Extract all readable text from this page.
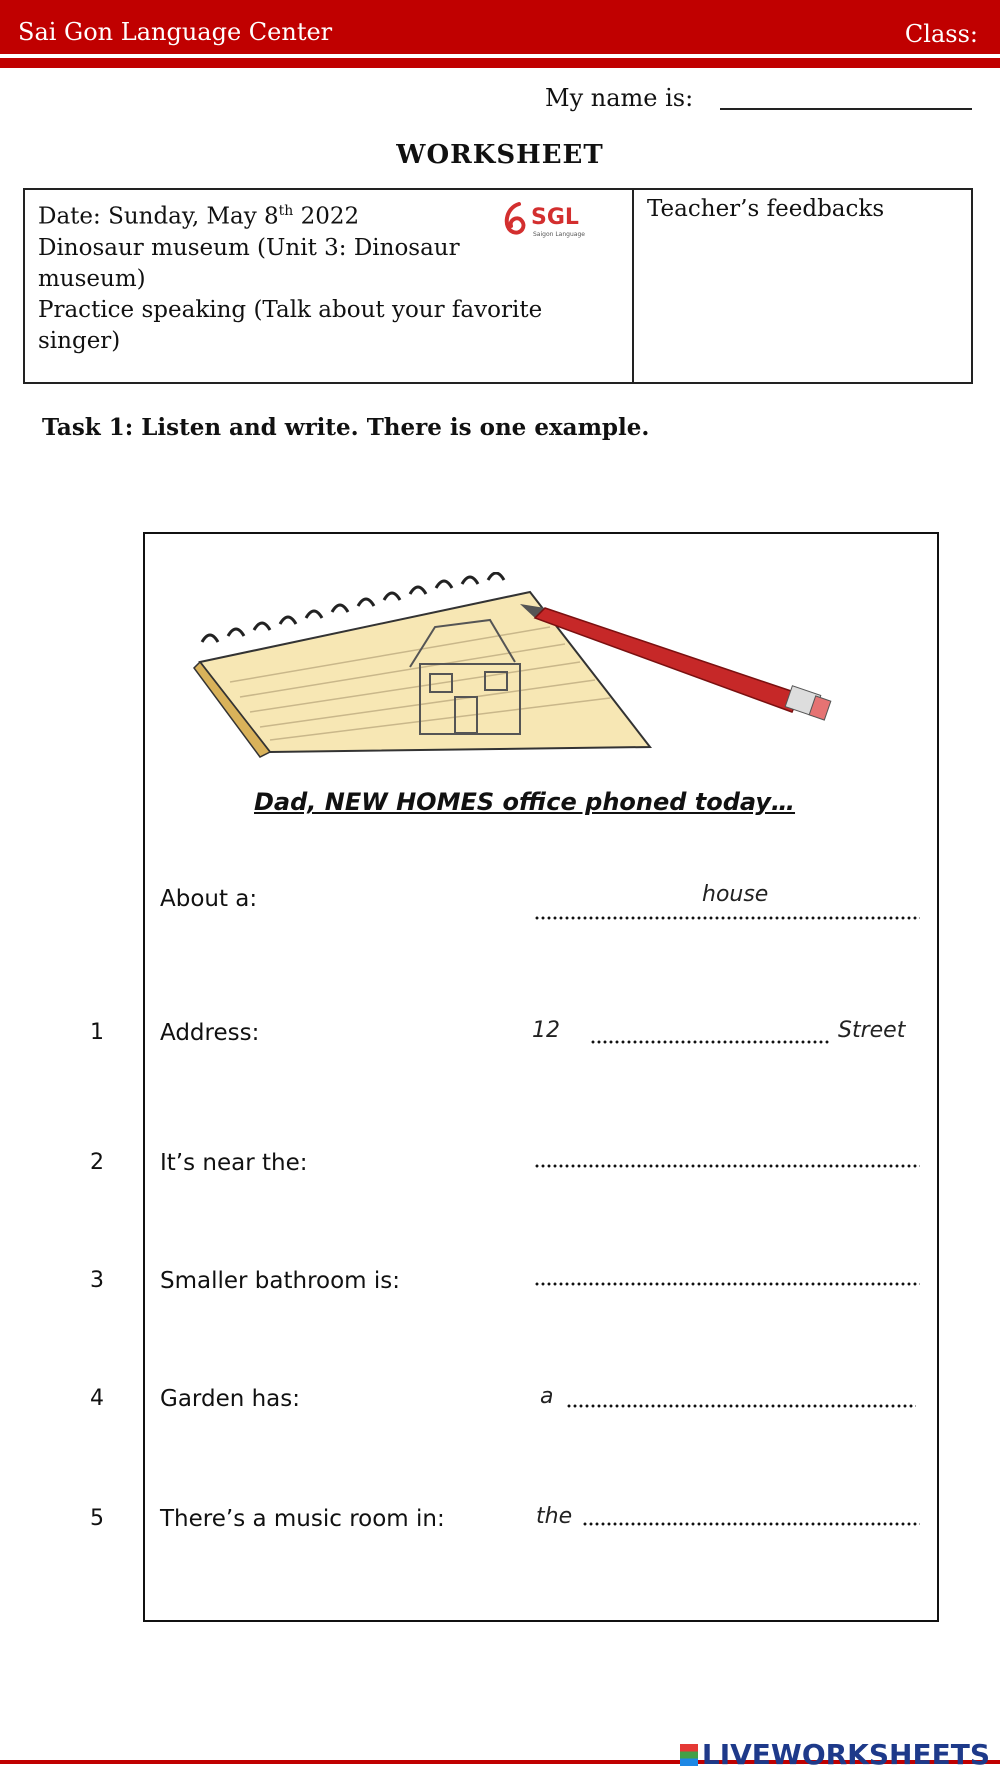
Sai Gon Language Center	Class:
My name is:
WORKSHEET
Date: Sunday, May 8th 2022
Dinosaur museum (Unit 3: Dinosaur museum)
Practice speaking (Talk about your favorite singer)
SGL
Saigon Language
Teacher’s feedbacks
Task 1: Listen and write. There is one example.
Dad, NEW HOMES office phoned today…
About a:	house
1 Address:	12	Street
2 It’s near the:
3 Smaller bathroom is:
4 Garden has:	a
5 There’s a music room in:	the
LIVEWORKSHEETS
